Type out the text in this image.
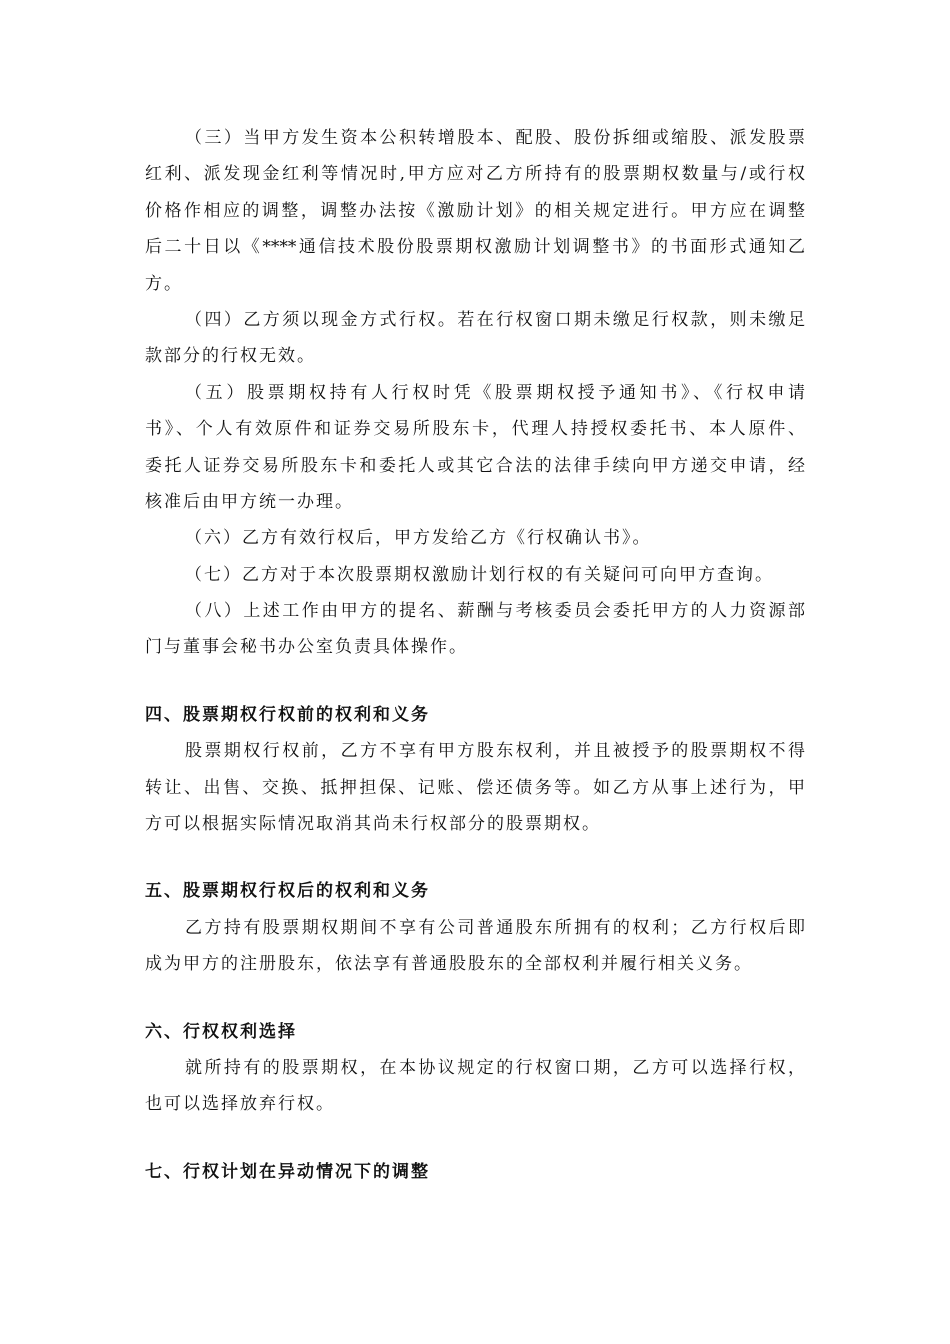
（三）当甲方发生资本公积转增股本、配股、股份拆细或缩股、派发股票
红利、派发现金红利等情况时,甲方应对乙方所持有的股票期权数量与/或行权
价格作相应的调整，调整办法按《激励计划》的相关规定进行。甲方应在调整
后二十日以《****通信技术股份股票期权激励计划调整书》的书面形式通知乙
方。
（四）乙方须以现金方式行权。若在行权窗口期未缴足行权款，则未缴足
款部分的行权无效。
（五）股票期权持有人行权时凭《股票期权授予通知书》、《行权申请
书》、个人有效原件和证券交易所股东卡，代理人持授权委托书、本人原件、
委托人证券交易所股东卡和委托人或其它合法的法律手续向甲方递交申请，经
核准后由甲方统一办理。
（六）乙方有效行权后，甲方发给乙方《行权确认书》。
（七）乙方对于本次股票期权激励计划行权的有关疑问可向甲方查询。
（八）上述工作由甲方的提名、薪酬与考核委员会委托甲方的人力资源部
门与董事会秘书办公室负责具体操作。
四、股票期权行权前的权利和义务
股票期权行权前，乙方不享有甲方股东权利，并且被授予的股票期权不得
转让、出售、交换、抵押担保、记账、偿还债务等。如乙方从事上述行为，甲
方可以根据实际情况取消其尚未行权部分的股票期权。
五、股票期权行权后的权利和义务
乙方持有股票期权期间不享有公司普通股东所拥有的权利；乙方行权后即
成为甲方的注册股东，依法享有普通股股东的全部权利并履行相关义务。
六、行权权利选择
就所持有的股票期权，在本协议规定的行权窗口期，乙方可以选择行权，
也可以选择放弃行权。
七、行权计划在异动情况下的调整
